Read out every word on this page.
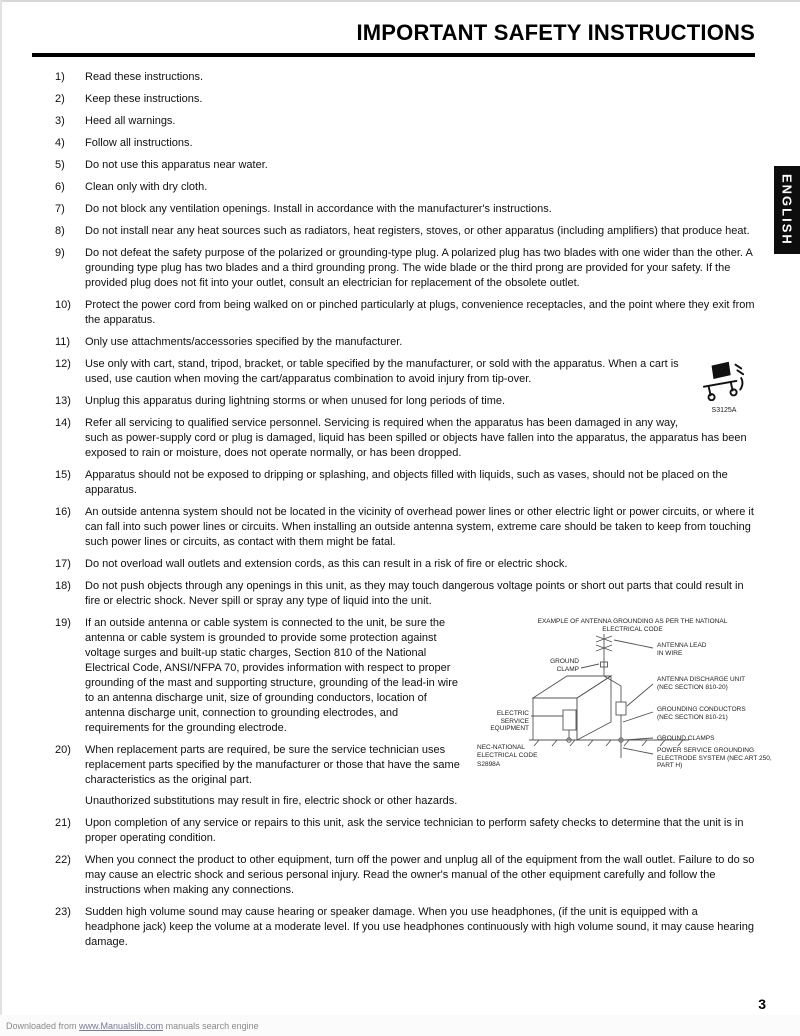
ENGLISH
IMPORTANT SAFETY INSTRUCTIONS
1) Read these instructions.
2) Keep these instructions.
3) Heed all warnings.
4) Follow all instructions.
5) Do not use this apparatus near water.
6) Clean only with dry cloth.
7) Do not block any ventilation openings. Install in accordance with the manufacturer's instructions.
8) Do not install near any heat sources such as radiators, heat registers, stoves, or other apparatus (including amplifiers) that produce heat.
9) Do not defeat the safety purpose of the polarized or grounding-type plug. A polarized plug has two blades with one wider than the other. A grounding type plug has two blades and a third grounding prong. The wide blade or the third prong are provided for your safety. If the provided plug does not fit into your outlet, consult an electrician for replacement of the obsolete outlet.
10) Protect the power cord from being walked on or pinched particularly at plugs, convenience receptacles, and the point where they exit from the apparatus.
11) Only use attachments/accessories specified by the manufacturer.
S3125A
12) Use only with cart, stand, tripod, bracket, or table specified by the manufacturer, or sold with the apparatus. When a cart is used, use caution when moving the cart/apparatus combination to avoid injury from tip-over.
13) Unplug this apparatus during lightning storms or when unused for long periods of time.
14) Refer all servicing to qualified service personnel. Servicing is required when the apparatus has been damaged in any way, such as power-supply cord or plug is damaged, liquid has been spilled or objects have fallen into the apparatus, the apparatus has been exposed to rain or moisture, does not operate normally, or has been dropped.
15) Apparatus should not be exposed to dripping or splashing, and objects filled with liquids, such as vases, should not be placed on the apparatus.
16) An outside antenna system should not be located in the vicinity of overhead power lines or other electric light or power circuits, or where it can fall into such power lines or circuits. When installing an outside antenna system, extreme care should be taken to keep from touching such power lines or circuits, as contact with them might be fatal.
17) Do not overload wall outlets and extension cords, as this can result in a risk of fire or electric shock.
18) Do not push objects through any openings in this unit, as they may touch dangerous voltage points or short out parts that could result in fire or electric shock. Never spill or spray any type of liquid into the unit.
EXAMPLE OF ANTENNA GROUNDING AS PER THE NATIONAL ELECTRICAL CODE
ANTENNA LEAD IN WIRE
GROUND CLAMP
ANTENNA DISCHARGE UNIT (NEC SECTION 810-20)
GROUNDING CONDUCTORS (NEC SECTION 810-21)
ELECTRIC SERVICE EQUIPMENT
GROUND CLAMPS
NEC-NATIONAL ELECTRICAL CODE
S2898A
POWER SERVICE GROUNDING ELECTRODE SYSTEM (NEC ART 250, PART H)
19) If an outside antenna or cable system is connected to the unit, be sure the antenna or cable system is grounded to provide some protection against voltage surges and built-up static charges, Section 810 of the National Electrical Code, ANSI/NFPA 70, provides information with respect to proper grounding of the mast and supporting structure, grounding of the lead-in wire to an antenna discharge unit, size of grounding conductors, location of antenna discharge unit, connection to grounding electrodes, and requirements for the grounding electrode.
20) When replacement parts are required, be sure the service technician uses replacement parts specified by the manufacturer or those that have the same characteristics as the original part.
Unauthorized substitutions may result in fire, electric shock or other hazards.
21) Upon completion of any service or repairs to this unit, ask the service technician to perform safety checks to determine that the unit is in proper operating condition.
22) When you connect the product to other equipment, turn off the power and unplug all of the equipment from the wall outlet. Failure to do so may cause an electric shock and serious personal injury. Read the owner's manual of the other equipment carefully and follow the instructions when making any connections.
23) Sudden high volume sound may cause hearing or speaker damage. When you use headphones, (if the unit is equipped with a headphone jack) keep the volume at a moderate level. If you use headphones continuously with high volume sound, it may cause hearing damage.
3
Downloaded from www.Manualslib.com manuals search engine
